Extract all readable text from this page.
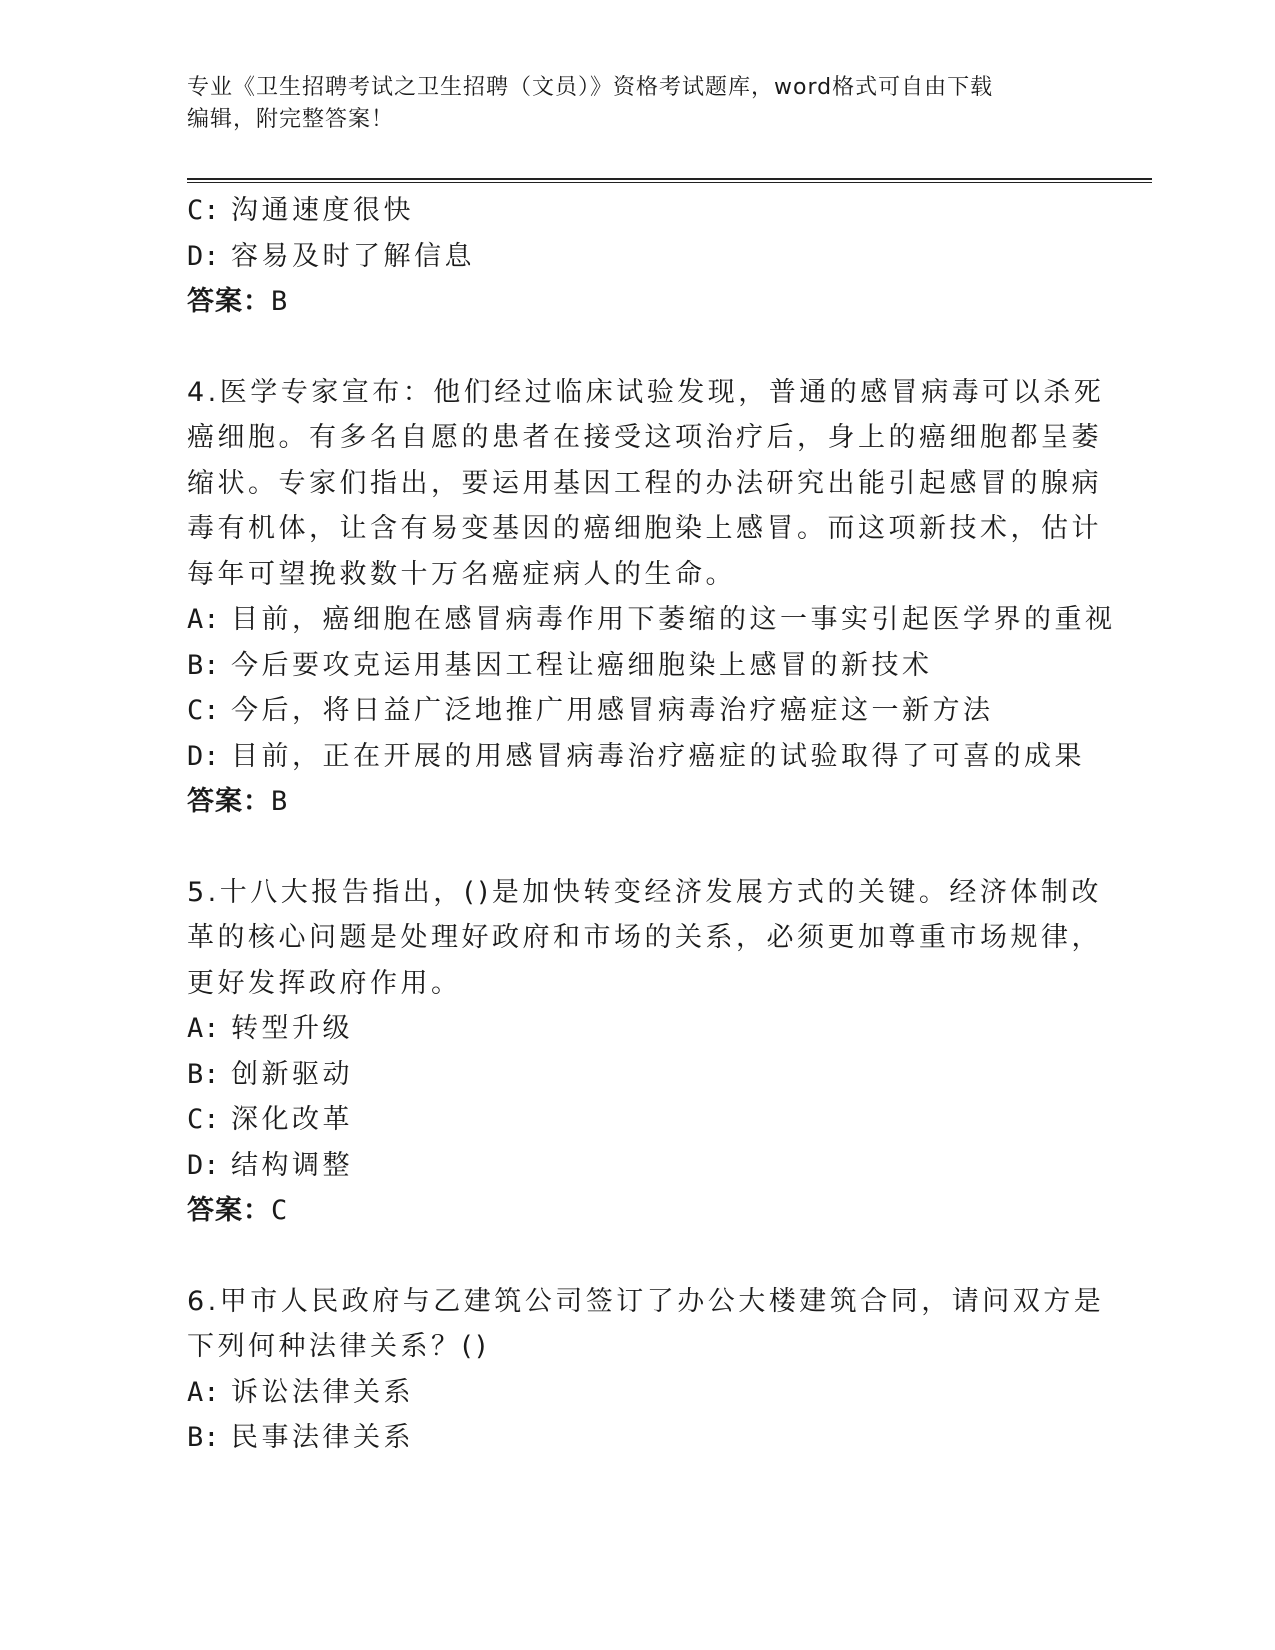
专业《卫生招聘考试之卫生招聘（文员）》资格考试题库，word格式可自由下载
编辑，附完整答案！
C: 沟通速度很快
D: 容易及时了解信息
答案：B
4.医学专家宣布：他们经过临床试验发现，普通的感冒病毒可以杀死
癌细胞。有多名自愿的患者在接受这项治疗后，身上的癌细胞都呈萎
缩状。专家们指出，要运用基因工程的办法研究出能引起感冒的腺病
毒有机体，让含有易变基因的癌细胞染上感冒。而这项新技术，估计
每年可望挽救数十万名癌症病人的生命。
A: 目前，癌细胞在感冒病毒作用下萎缩的这一事实引起医学界的重视
B: 今后要攻克运用基因工程让癌细胞染上感冒的新技术
C: 今后，将日益广泛地推广用感冒病毒治疗癌症这一新方法
D: 目前，正在开展的用感冒病毒治疗癌症的试验取得了可喜的成果
答案：B
5.十八大报告指出，()是加快转变经济发展方式的关键。经济体制改
革的核心问题是处理好政府和市场的关系，必须更加尊重市场规律，
更好发挥政府作用。
A: 转型升级
B: 创新驱动
C: 深化改革
D: 结构调整
答案：C
6.甲市人民政府与乙建筑公司签订了办公大楼建筑合同，请问双方是
下列何种法律关系？()
A: 诉讼法律关系
B: 民事法律关系
